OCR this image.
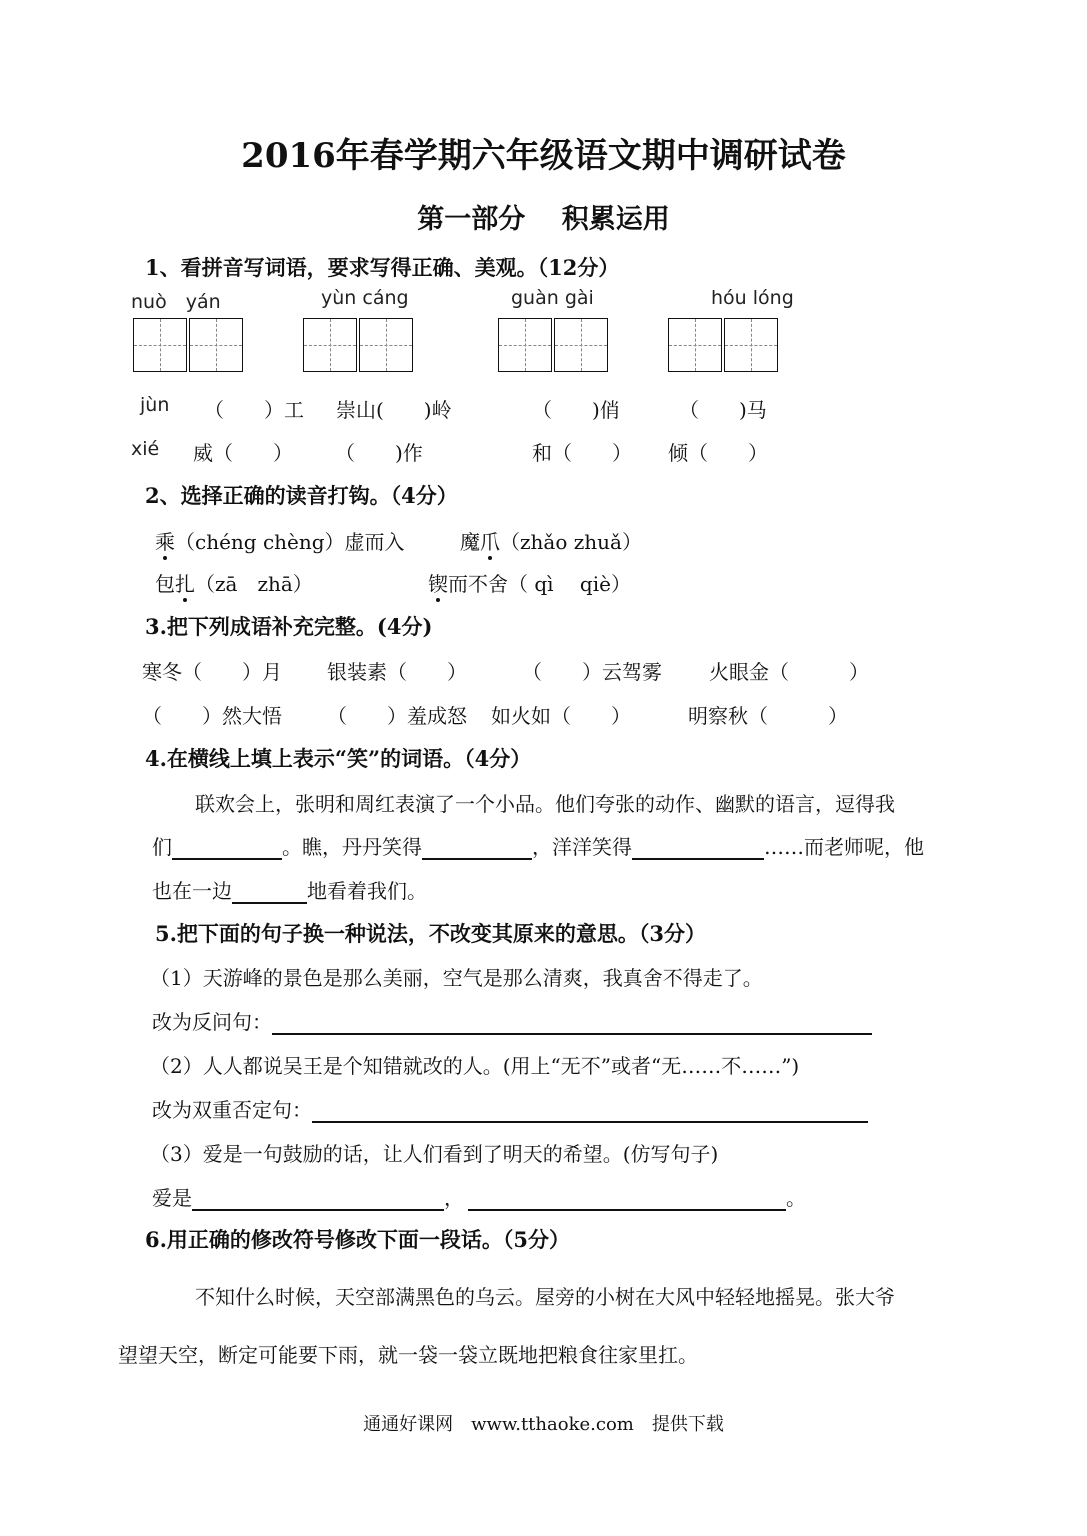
2016年春学期六年级语文期中调研试卷
第一部分　 积累运用
1、看拼音写词语，要求写得正确、美观。（12分）
nuò　yán	yùn cáng	guàn gài	hóu lóng
jùn （　　）工 崇山(　　)岭	（　　)俏	（　　)马
xié 威（　　） （　　)作	和（　　） 倾（　　）
2、选择正确的读音打钩。（4分）
乘（chéng chèng）虚而入	魔爪（zhǎo zhuǎ）
包扎（zā　zhā）	锲而不舍（ qì　 qiè）
3.把下列成语补充完整。(4分)
寒冬（　　）月 银装素（　　）	（　　）云驾雾 火眼金（　　　）
（　　）然大悟 （　　）羞成怒 如火如（　　）	明察秋（　　　）
4.在横线上填上表示“笑”的词语。（4分）
联欢会上，张明和周红表演了一个小品。他们夸张的动作、幽默的语言，逗得我
们	。瞧，丹丹笑得	，洋洋笑得	……而老师呢，他
也在一边	地看着我们。
5.把下面的句子换一种说法，不改变其原来的意思。（3分）
（1）天游峰的景色是那么美丽，空气是那么清爽，我真舍不得走了。
改为反问句：
（2）人人都说吴王是个知错就改的人。(用上“无不”或者“无……不……”)
改为双重否定句：
（3）爱是一句鼓励的话，让人们看到了明天的希望。(仿写句子)
爱是	，	。
6.用正确的修改符号修改下面一段话。（5分）
不知什么时候，天空部满黑色的乌云。屋旁的小树在大风中轻轻地摇晃。张大爷
望望天空，断定可能要下雨，就一袋一袋立既地把粮食往家里扛。
通通好课网　www.tthaoke.com　提供下载
